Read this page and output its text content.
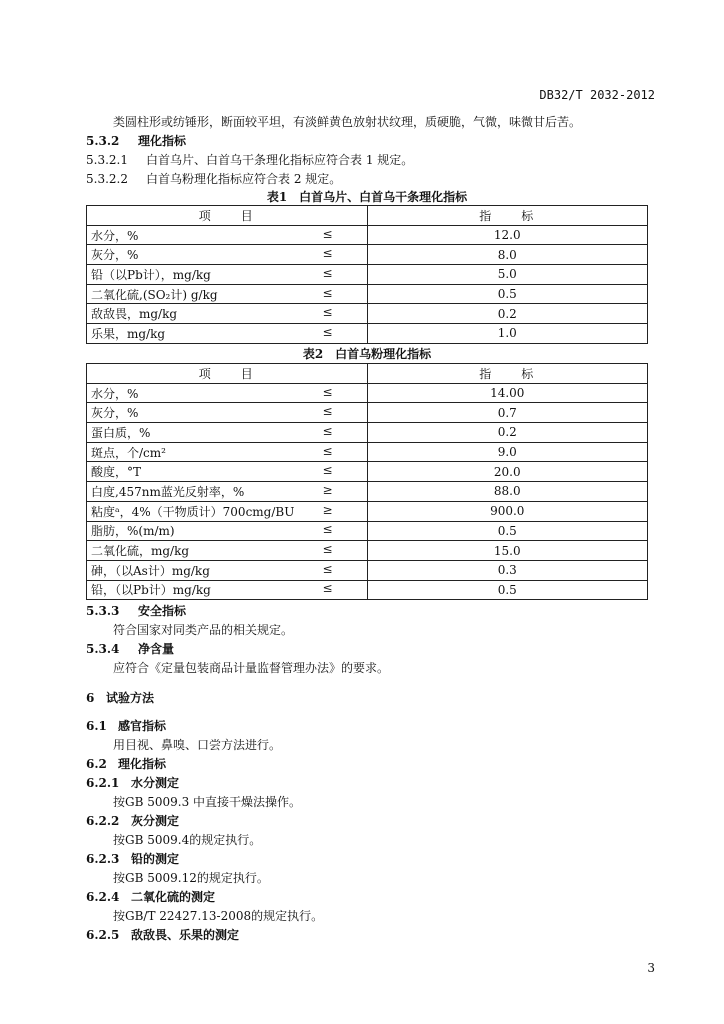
DB32/T 2032-2012
类圆柱形或纺锤形，断面较平坦，有淡鲜黄色放射状纹理，质硬脆，气微，味微甘后苦。
5.3.2 理化指标
5.3.2.1 白首乌片、白首乌干条理化指标应符合表 1 规定。
5.3.2.2 白首乌粉理化指标应符合表 2 规定。
表1　白首乌片、白首乌干条理化指标
项　　目	指　　标

水分，% ≤	12.0

灰分，% ≤	8.0

铅（以Pb计），mg/kg ≤	5.0

二氧化硫,(SO₂计) g/kg ≤	0.5

敌敌畏，mg/kg ≤	0.2

乐果，mg/kg ≤	1.0
表2　白首乌粉理化指标
项　　目	指　　标

水分，% ≤	14.00

灰分，% ≤	0.7

蛋白质，% ≤	0.2

斑点，个/cm² ≤	9.0

酸度，°T ≤	20.0

白度,457nm蓝光反射率，% ≥	88.0

粘度ᵃ，4%（干物质计）700cmg/BU ≥	900.0

脂肪，%(m/m) ≤	0.5

二氧化硫，mg/kg ≤	15.0

砷，（以As计）mg/kg ≤	0.3

铅，（以Pb计）mg/kg ≤	0.5
5.3.3 安全指标
符合国家对同类产品的相关规定。
5.3.4 净含量
应符合《定量包装商品计量监督管理办法》的要求。
6 试验方法
6.1 感官指标
用目视、鼻嗅、口尝方法进行。
6.2 理化指标
6.2.1 水分测定
按GB 5009.3 中直接干燥法操作。
6.2.2 灰分测定
按GB 5009.4的规定执行。
6.2.3 铅的测定
按GB 5009.12的规定执行。
6.2.4 二氧化硫的测定
按GB/T 22427.13-2008的规定执行。
6.2.5 敌敌畏、乐果的测定
3
